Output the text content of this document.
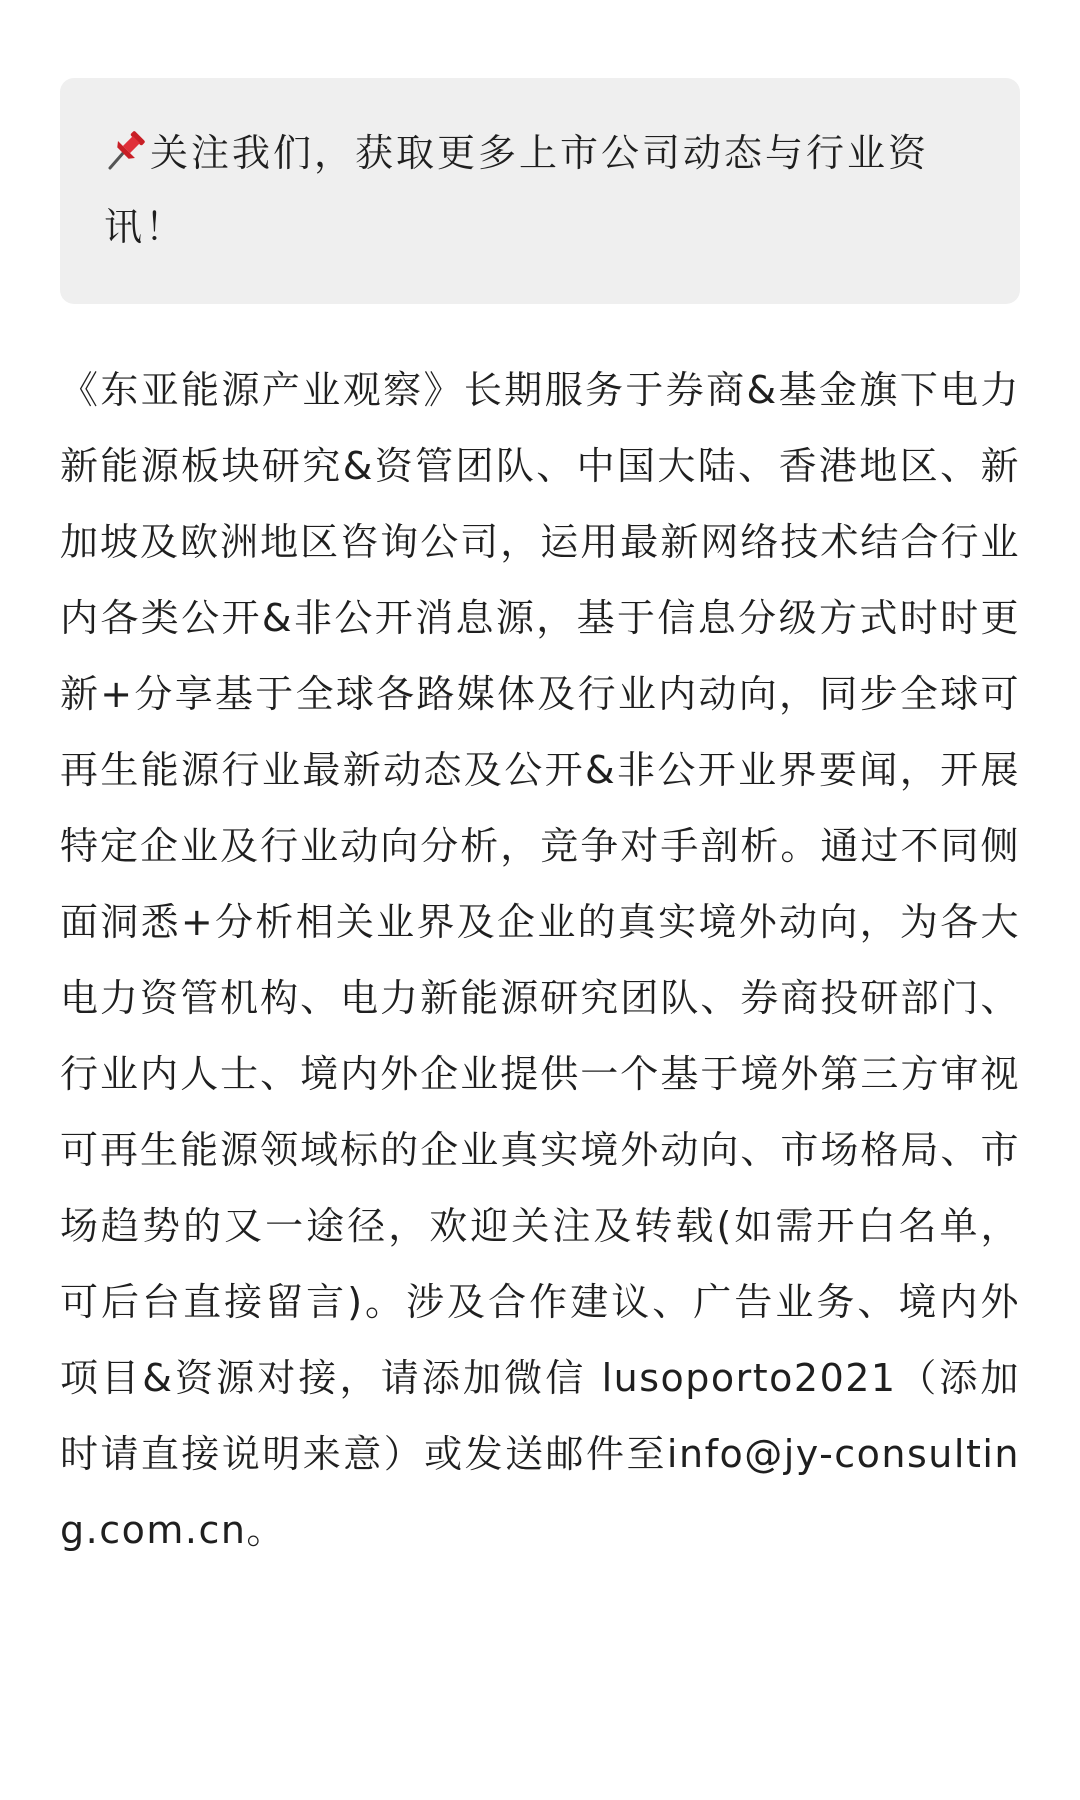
关注我们，获取更多上市公司动态与行业资讯！

《东亚能源产业观察》长期服务于券商&基金旗下电力新能源板块研究&资管团队、中国大陆、香港地区、新加坡及欧洲地区咨询公司，运用最新网络技术结合行业内各类公开&非公开消息源，基于信息分级方式时时更新+分享基于全球各路媒体及行业内动向，同步全球可再生能源行业最新动态及公开&非公开业界要闻，开展特定企业及行业动向分析，竞争对手剖析。通过不同侧面洞悉+分析相关业界及企业的真实境外动向，为各大电力资管机构、电力新能源研究团队、券商投研部门、行业内人士、境内外企业提供一个基于境外第三方审视可再生能源领域标的企业真实境外动向、市场格局、市场趋势的又一途径，欢迎关注及转载(如需开白名单，可后台直接留言)。涉及合作建议、广告业务、境内外项目&资源对接，请添加微信 lusoporto2021（添加时请直接说明来意）或发送邮件至info@jy-consulting.com.cn。
